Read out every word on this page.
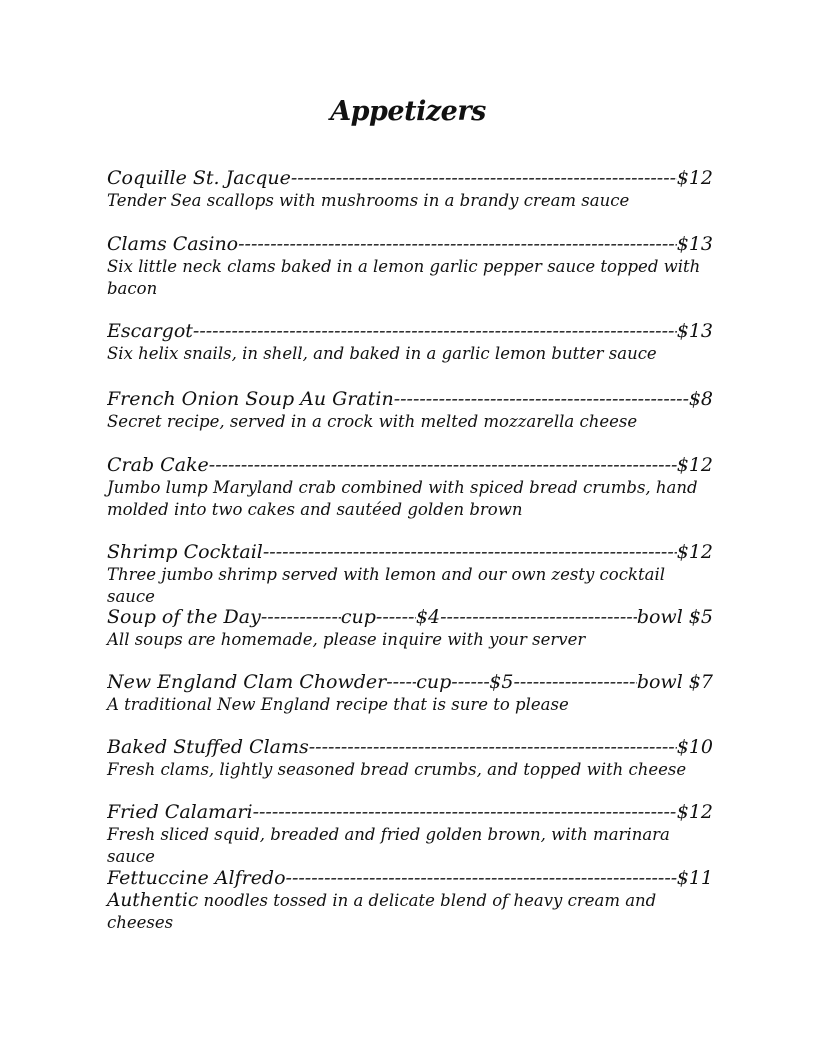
Appetizers
Coquille St. Jacque -----	$12
Tender Sea scallops with mushrooms in a brandy cream sauce
Clams Casino -----	$13
Six little neck clams baked in a lemon garlic pepper sauce topped with bacon
Escargot -----	$13
Six helix snails, in shell, and baked in a garlic lemon butter sauce
French Onion Soup Au Gratin -----	$8
Secret recipe, served in a crock with melted mozzarella cheese
Crab Cake -----	$12
Jumbo lump Maryland crab combined with spiced bread crumbs, hand molded into two cakes and sautéed golden brown
Shrimp Cocktail -----	$12
Three jumbo shrimp served with lemon and our own zesty cocktail sauce
Soup of the Day -----	cup ----- $4 -----	bowl $5
All soups are homemade, please inquire with your server
New England Clam Chowder ----- cup ----- $5 -----	bowl $7
A traditional New England recipe that is sure to please
Baked Stuffed Clams -----	$10
Fresh clams, lightly seasoned bread crumbs, and topped with cheese
Fried Calamari -----	$12
Fresh sliced squid, breaded and fried golden brown, with marinara sauce
Fettuccine Alfredo -----	$11
Authentic noodles tossed in a delicate blend of heavy cream and cheeses
